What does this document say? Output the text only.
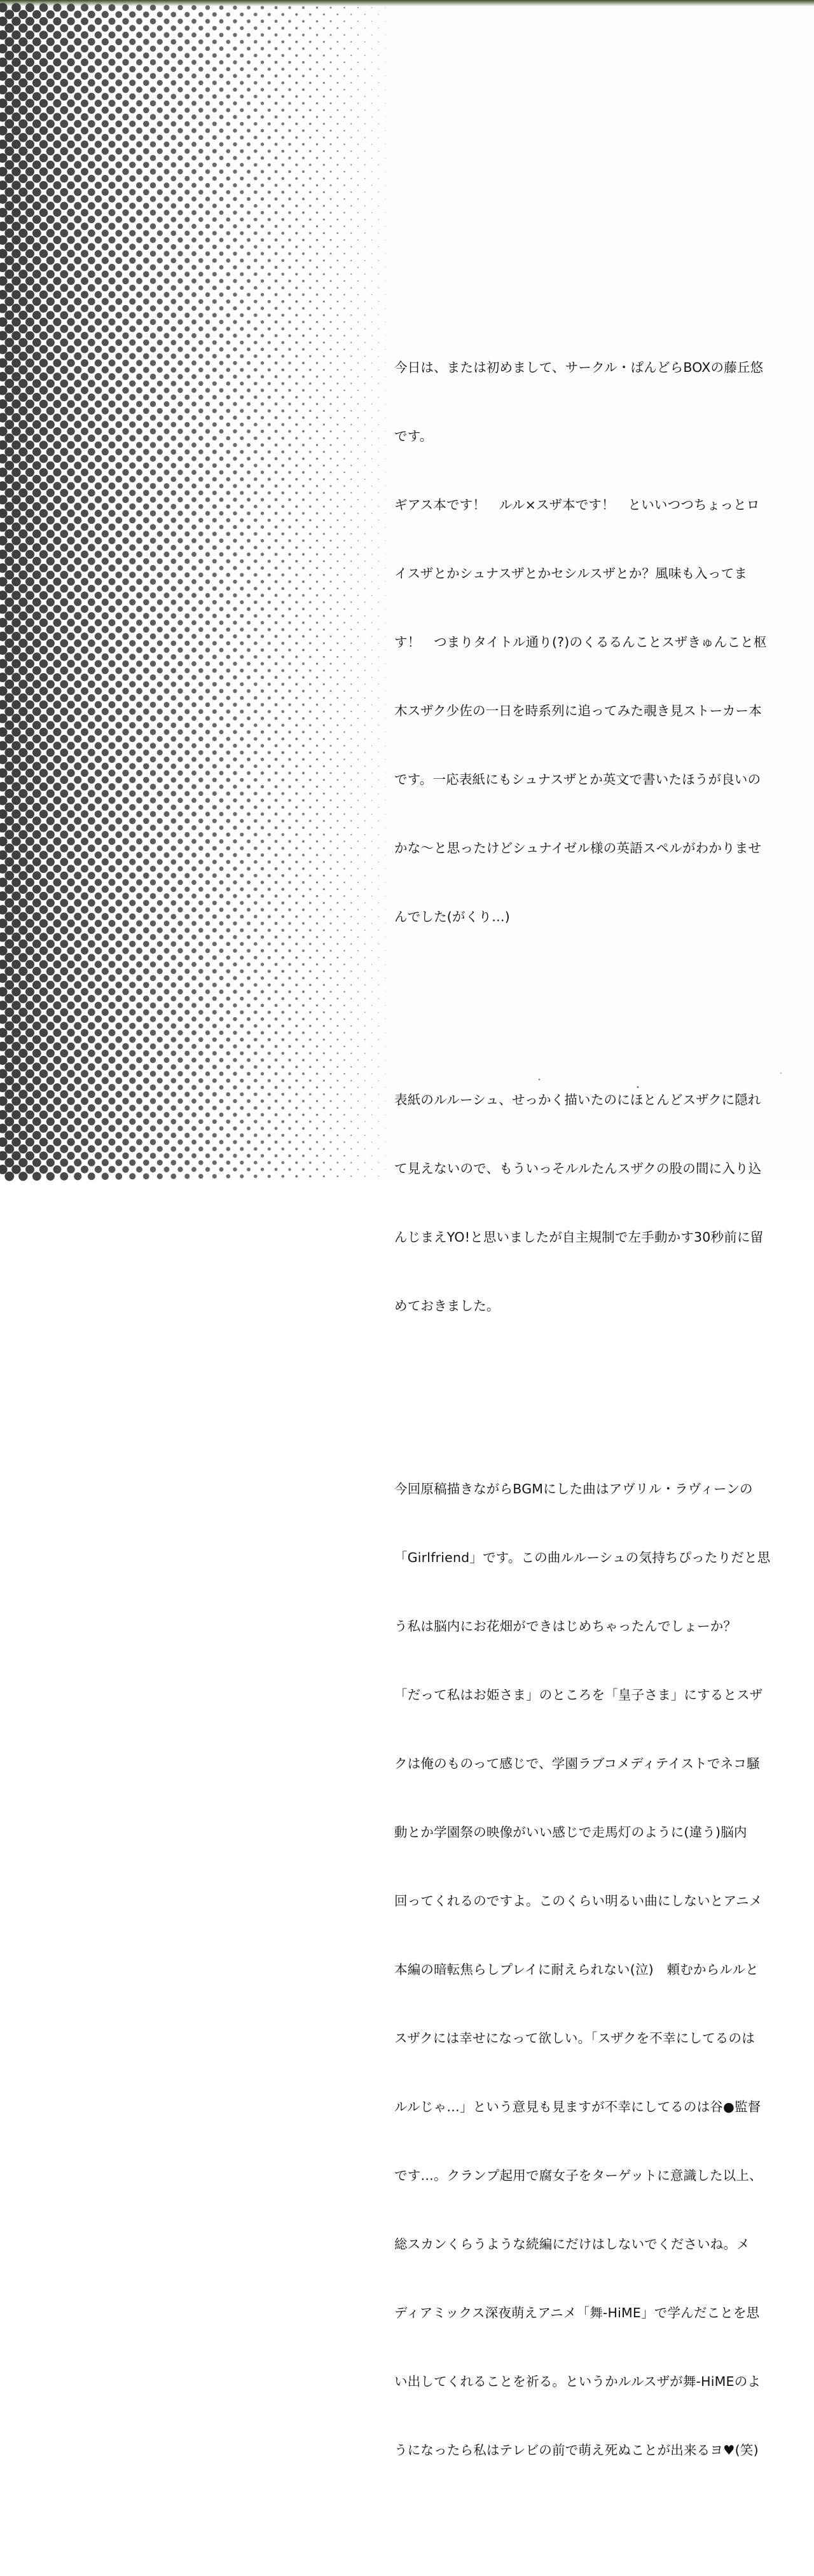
今日は、または初めまして、サークル・ぱんどらBOXの藤丘悠

です。

ギアス本です！　ルル×スザ本です！　といいつつちょっとロ

イスザとかシュナスザとかセシルスザとか？風味も入ってま

す！　つまりタイトル通り(?)のくるるんことスザきゅんこと枢

木スザク少佐の一日を時系列に追ってみた覗き見ストーカー本

です。一応表紙にもシュナスザとか英文で書いたほうが良いの

かな～と思ったけどシュナイゼル様の英語スペルがわかりませ

んでした(がくり…)

表紙のルルーシュ、せっかく描いたのにほとんどスザクに隠れ

て見えないので、もういっそルルたんスザクの股の間に入り込

んじまえYO!と思いましたが自主規制で左手動かす30秒前に留

めておきました。

今回原稿描きながらBGMにした曲はアヴリル・ラヴィーンの

「Girlfriend」です。この曲ルルーシュの気持ちぴったりだと思

う私は脳内にお花畑ができはじめちゃったんでしょーか？

「だって私はお姫さま」のところを「皇子さま」にするとスザ

クは俺のものって感じで、学園ラブコメディテイストでネコ騒

動とか学園祭の映像がいい感じで走馬灯のように(違う)脳内

回ってくれるのですよ。このくらい明るい曲にしないとアニメ

本編の暗転焦らしプレイに耐えられない(泣)　頼むからルルと

スザクには幸せになって欲しい。「スザクを不幸にしてるのは

ルルじゃ…」という意見も見ますが不幸にしてるのは谷●監督

です…。クランプ起用で腐女子をターゲットに意識した以上、

総スカンくらうような続編にだけはしないでくださいね。メ

ディアミックス深夜萌えアニメ「舞-HiME」で学んだことを思

い出してくれることを祈る。というかルルスザが舞-HiMEのよ

うになったら私はテレビの前で萌え死ぬことが出来るヨ♥(笑)
